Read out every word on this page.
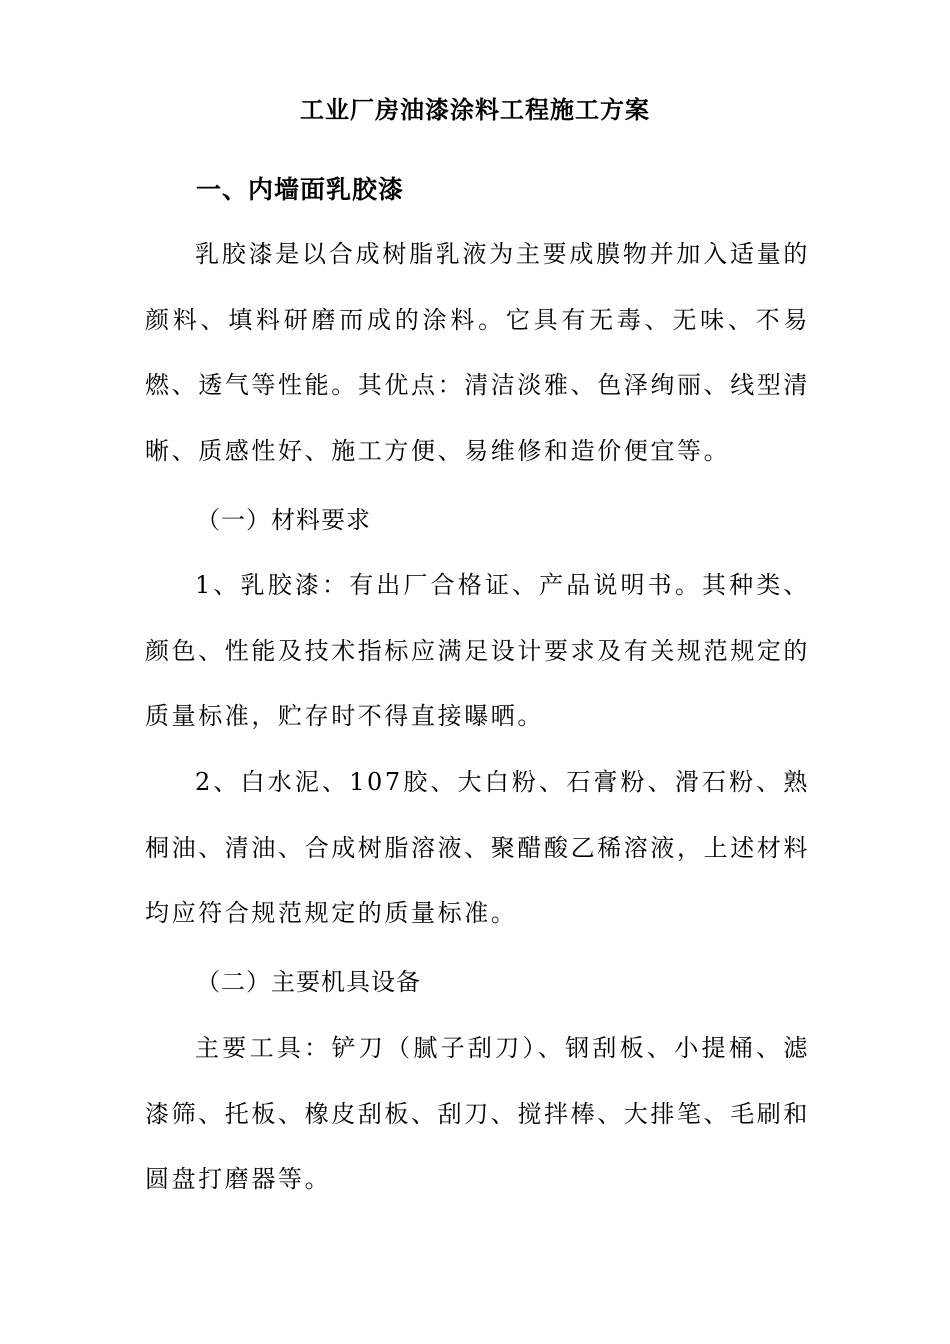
工业厂房油漆涂料工程施工方案
一、内墙面乳胶漆

乳胶漆是以合成树脂乳液为主要成膜物并加入适量的颜料、填料研磨而成的涂料。它具有无毒、无味、不易燃、透气等性能。其优点：清洁淡雅、色泽绚丽、线型清晰、质感性好、施工方便、易维修和造价便宜等。

（一）材料要求

1、乳胶漆：有出厂合格证、产品说明书。其种类、颜色、性能及技术指标应满足设计要求及有关规范规定的质量标准，贮存时不得直接曝晒。

2、白水泥、107胶、大白粉、石膏粉、滑石粉、熟桐油、清油、合成树脂溶液、聚醋酸乙稀溶液，上述材料均应符合规范规定的质量标准。

（二）主要机具设备

主要工具：铲刀（腻子刮刀）、钢刮板、小提桶、滤漆筛、托板、橡皮刮板、刮刀、搅拌棒、大排笔、毛刷和圆盘打磨器等。
